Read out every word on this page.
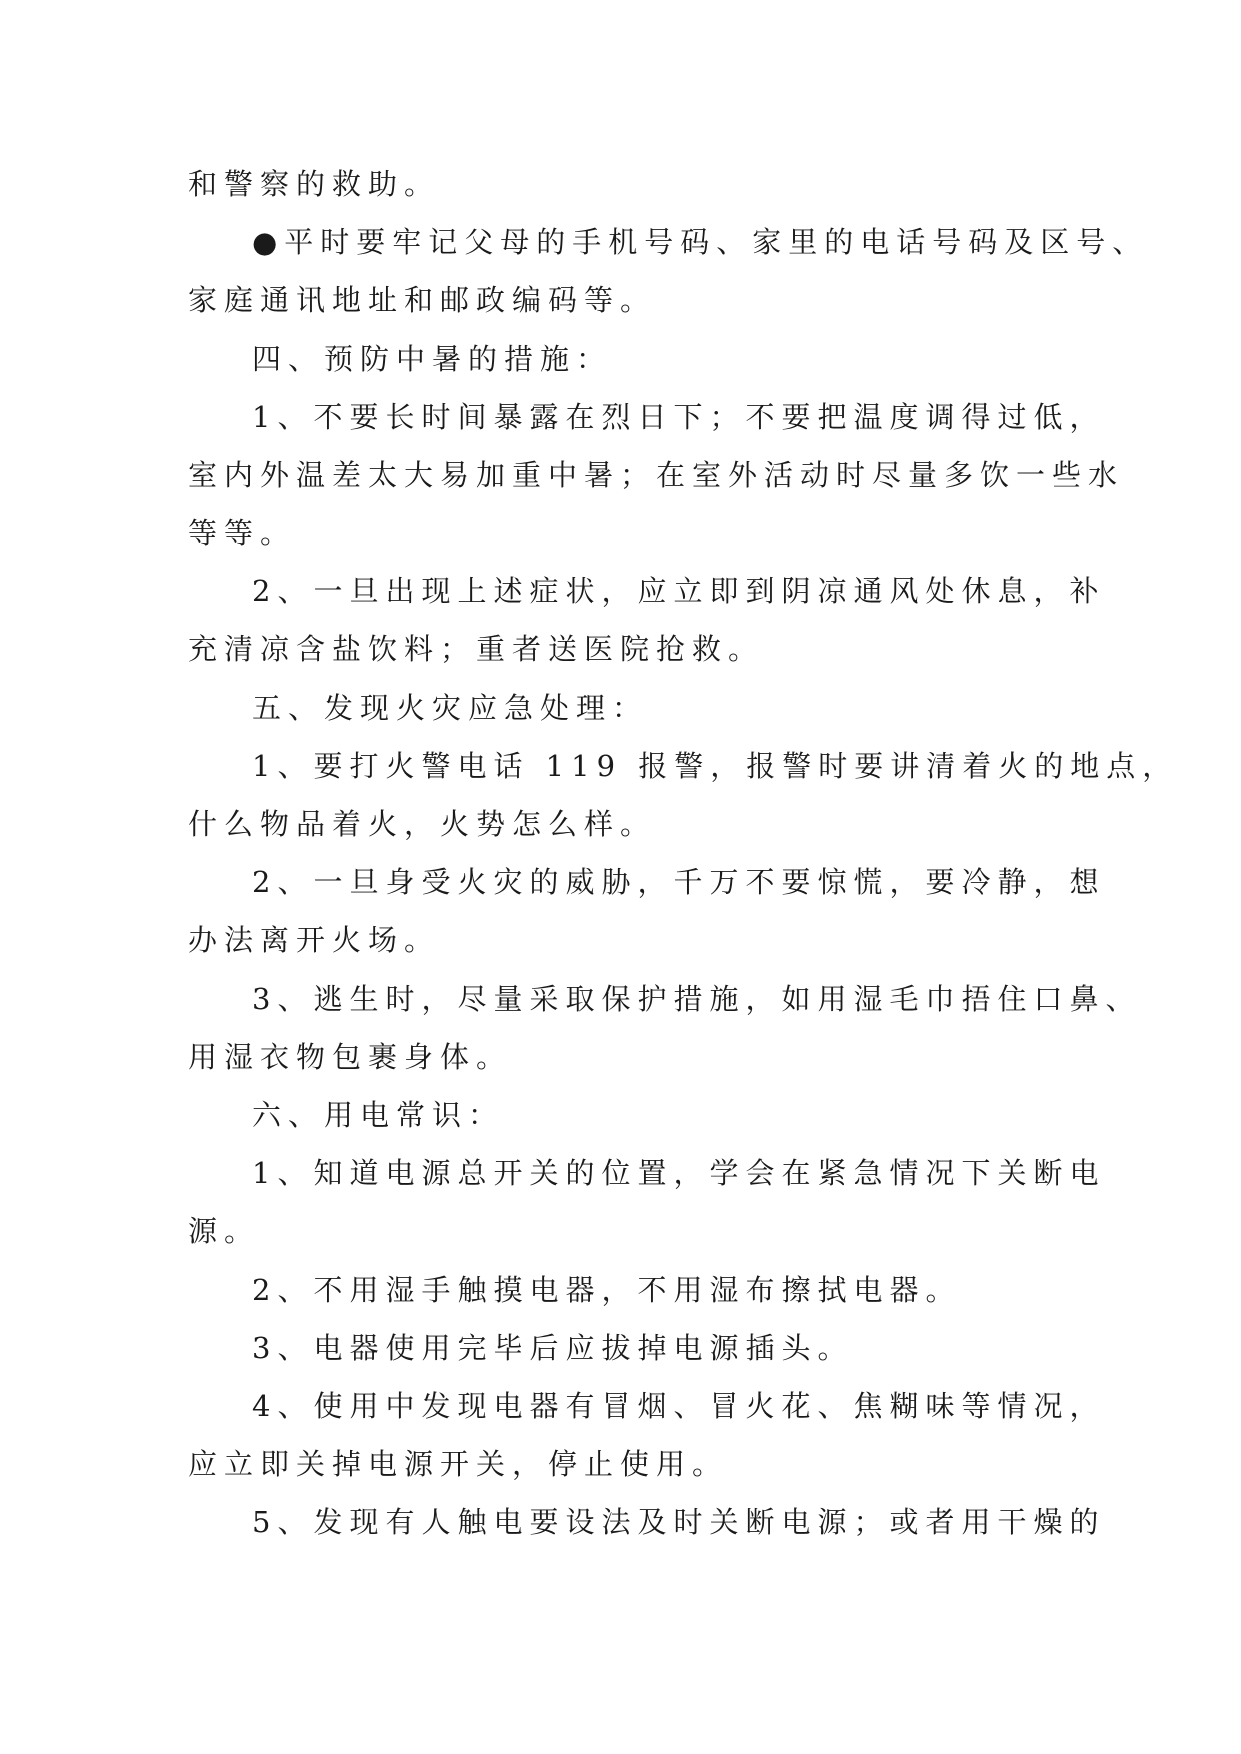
和警察的救助。
●平时要牢记父母的手机号码、家里的电话号码及区号、
家庭通讯地址和邮政编码等。
四、预防中暑的措施：
1、不要长时间暴露在烈日下；不要把温度调得过低，
室内外温差太大易加重中暑；在室外活动时尽量多饮一些水
等等。
2、一旦出现上述症状，应立即到阴凉通风处休息，补
充清凉含盐饮料；重者送医院抢救。
五、发现火灾应急处理：
1、要打火警电话 119 报警，报警时要讲清着火的地点，
什么物品着火，火势怎么样。
2、一旦身受火灾的威胁，千万不要惊慌，要冷静，想
办法离开火场。
3、逃生时，尽量采取保护措施，如用湿毛巾捂住口鼻、
用湿衣物包裹身体。
六、用电常识：
1、知道电源总开关的位置，学会在紧急情况下关断电
源。
2、不用湿手触摸电器，不用湿布擦拭电器。
3、电器使用完毕后应拔掉电源插头。
4、使用中发现电器有冒烟、冒火花、焦糊味等情况，
应立即关掉电源开关，停止使用。
5、发现有人触电要设法及时关断电源；或者用干燥的
